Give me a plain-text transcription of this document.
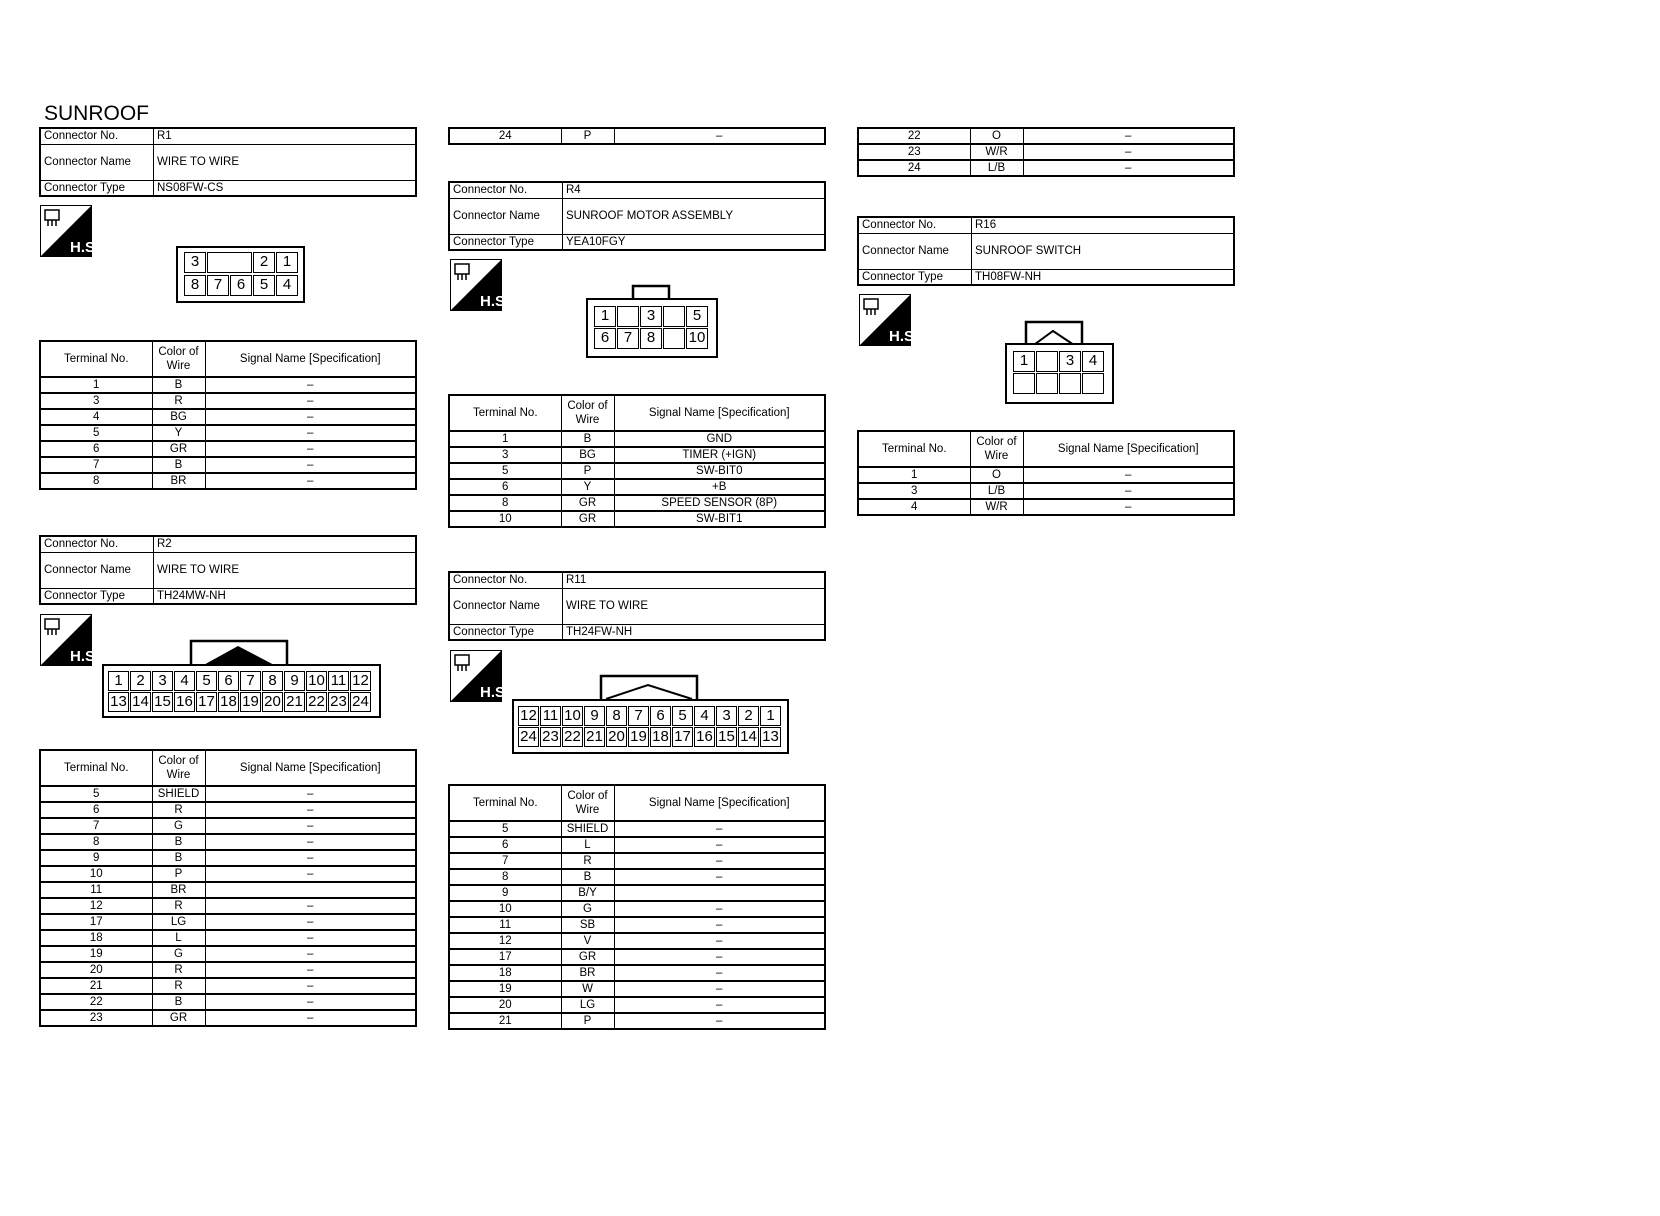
SUNROOF
Connector No.	R1
Connector Name	WIRE TO WIRE
Connector Type	NS08FW-CS
H.S.
3	2 1
8 7 6 5 4
Terminal No.	Color of Wire	Signal Name [Specification]
1	B	–
3	R	–
4	BG	–
5	Y	–
6	GR	–
7	B	–
8	BR	–
Connector No.	R2
Connector Name	WIRE TO WIRE
Connector Type	TH24MW-NH
H.S.
1 2 3 4 5 6 7 8 9 10 11 12
13 14 15 16 17 18 19 20 21 22 23 24
Terminal No.	Color of Wire	Signal Name [Specification]
5	SHIELD	–
6	R	–
7	G	–
8	B	–
9	B	–
10	P	–
11	BR	
12	R	–
17	LG	–
18	L	–
19	G	–
20	R	–
21	R	–
22	B	–
23	GR	–
24	P	–
Connector No.	R4
Connector Name	SUNROOF MOTOR ASSEMBLY
Connector Type	YEA10FGY
H.S.
1	3	5
6 7 8	10
Terminal No.	Color of Wire	Signal Name [Specification]
1	B	GND
3	BG	TIMER (+IGN)
5	P	SW-BIT0
6	Y	+B
8	GR	SPEED SENSOR (8P)
10	GR	SW-BIT1
Connector No.	R11
Connector Name	WIRE TO WIRE
Connector Type	TH24FW-NH
H.S.
12 11 10 9 8 7 6 5 4 3 2 1
24 23 22 21 20 19 18 17 16 15 14 13
Terminal No.	Color of Wire	Signal Name [Specification]
5	SHIELD	–
6	L	–
7	R	–
8	B	–
9	B/Y	
10	G	–
11	SB	–
12	V	–
17	GR	–
18	BR	–
19	W	–
20	LG	–
21	P	–
22	O	–
23	W/R	–
24	L/B	–
Connector No.	R16
Connector Name	SUNROOF SWITCH
Connector Type	TH08FW-NH
H.S.
1	3 4
Terminal No.	Color of Wire	Signal Name [Specification]
1	O	–
3	L/B	–
4	W/R	–
